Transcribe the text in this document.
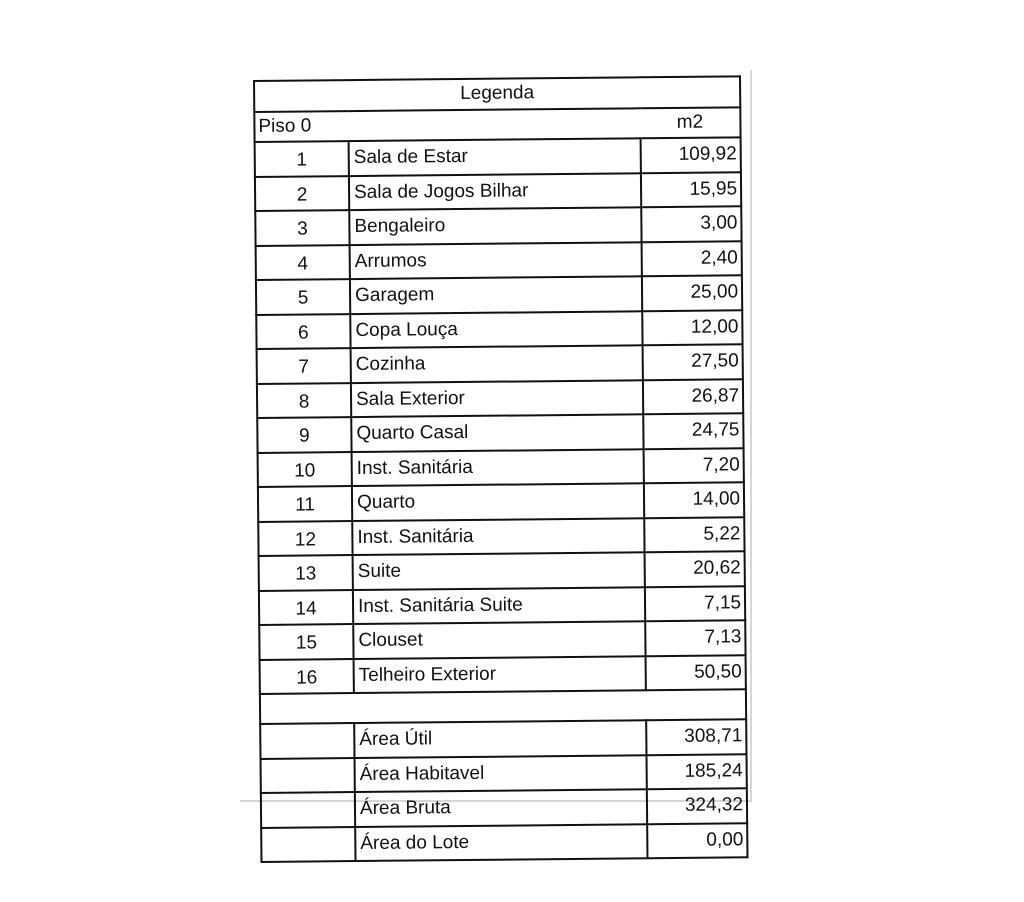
Legenda		
Piso 0		m2
1	Sala de Estar	109,92
2	Sala de Jogos Bilhar	15,95
3	Bengaleiro	3,00
4	Arrumos	2,40
5	Garagem	25,00
6	Copa Louça	12,00
7	Cozinha	27,50
8	Sala Exterior	26,87
9	Quarto Casal	24,75
10	Inst. Sanitária	7,20
11	Quarto	14,00
12	Inst. Sanitária	5,22
13	Suite	20,62
14	Inst. Sanitária Suite	7,15
15	Clouset	7,13
16	Telheiro Exterior	50,50

	Área Útil	308,71
	Área Habitavel	185,24
	Área Bruta	324,32
	Área do Lote	0,00
